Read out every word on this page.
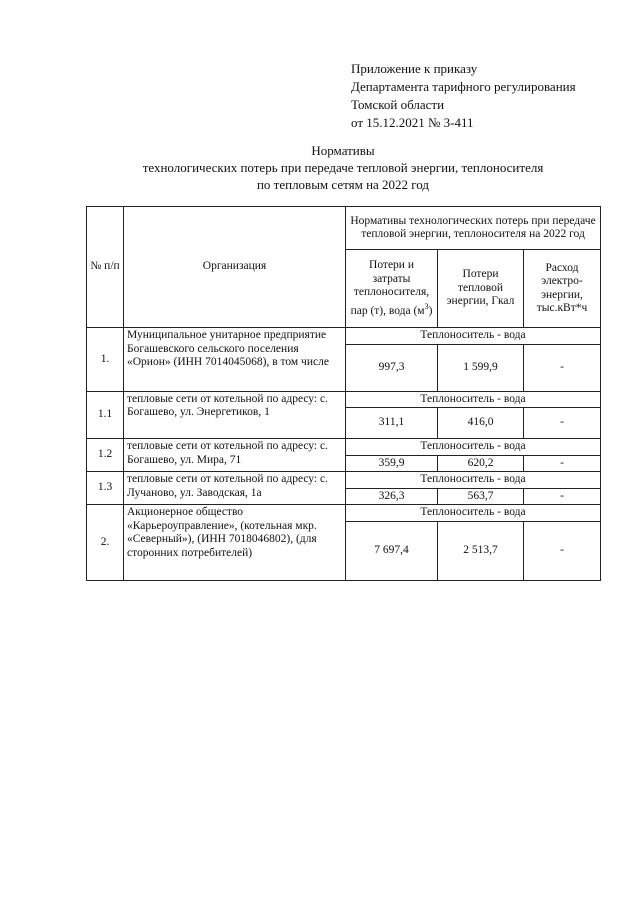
Приложение к приказу
Департамента тарифного регулирования
Томской области
от 15.12.2021 № 3-411
Нормативы
технологических потерь при передаче тепловой энергии, теплоносителя
по тепловым сетям на 2022 год
№ п/п	Организация	Нормативы технологических потерь при передаче тепловой энергии, теплоносителя на 2022 год		
		Потери и затраты теплоносителя, пар (т), вода $(м^3)$	Потери тепловой энергии, Гкал	Расход электро-энергии, тыс.кВт*ч
1.	Муниципальное унитарное предприятие Богашевского сельского поселения «Орион» (ИНН 7014045068), в том числе	Теплоноситель - вода		
		997,3	1 599,9	-
1.1	тепловые сети от котельной по адресу: с. Богашево, ул. Энергетиков, 1	Теплоноситель - вода		
		311,1	416,0	-
1.2	тепловые сети от котельной по адресу: с. Богашево, ул. Мира, 71	Теплоноситель - вода		
		359,9	620,2	-
1.3	тепловые сети от котельной по адресу: с. Лучаново, ул. Заводская, 1а	Теплоноситель - вода		
		326,3	563,7	-
2.	Акционерное общество «Карьероуправление», (котельная мкр. «Северный»), (ИНН 7018046802), (для сторонних потребителей)	Теплоноситель - вода		
		7 697,4	2 513,7	-
